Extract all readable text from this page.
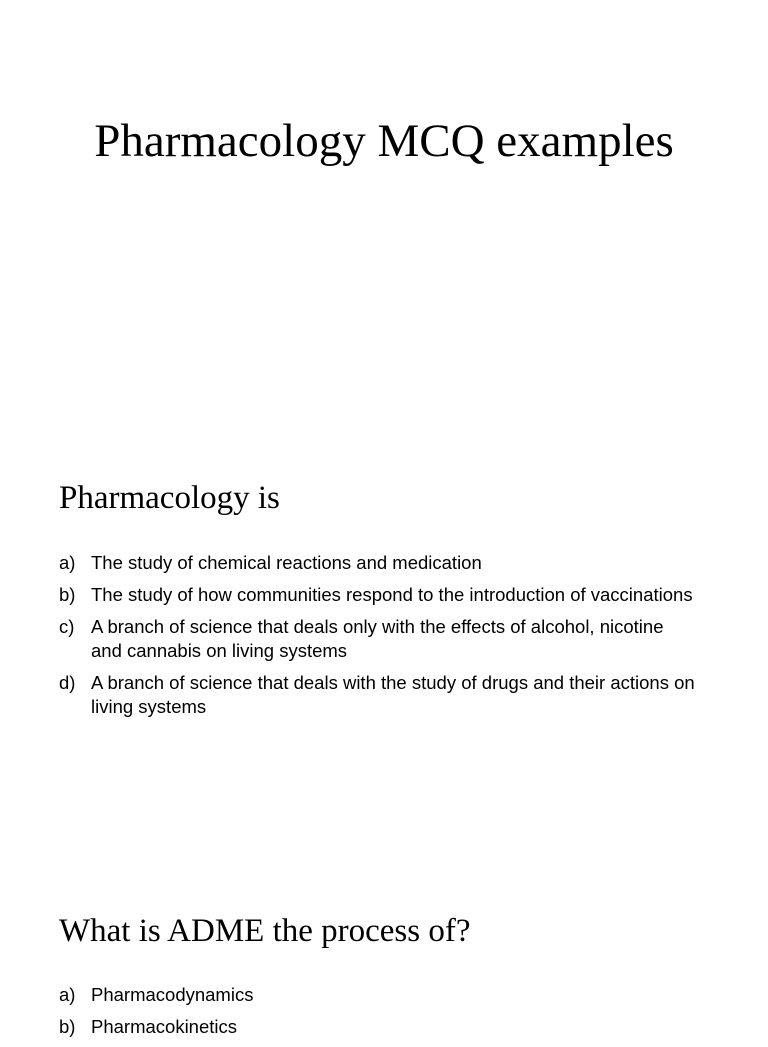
Pharmacology MCQ examples
Pharmacology is
a) The study of chemical reactions and medication
b) The study of how communities respond to the introduction of vaccinations
c) A branch of science that deals only with the effects of alcohol, nicotine and cannabis on living systems
d) A branch of science that deals with the study of drugs and their actions on living systems
What is ADME the process of?
a) Pharmacodynamics
b) Pharmacokinetics
